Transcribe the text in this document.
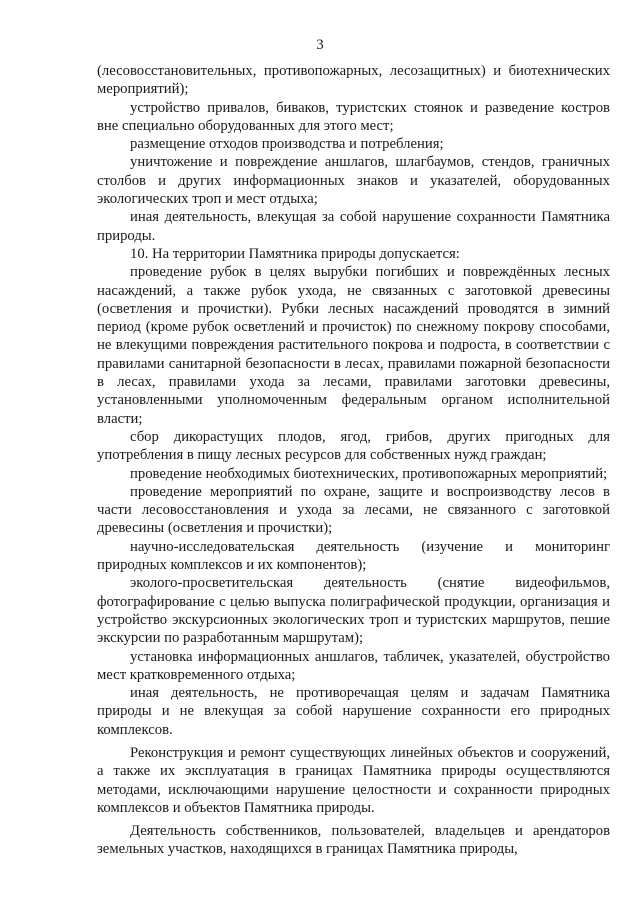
3

(лесовосстановительных, противопожарных, лесозащитных) и биотехнических мероприятий);

устройство привалов, биваков, туристских стоянок и разведение костров вне специально оборудованных для этого мест;

размещение отходов производства и потребления;

уничтожение и повреждение аншлагов, шлагбаумов, стендов, граничных столбов и других информационных знаков и указателей, оборудованных экологических троп и мест отдыха;

иная деятельность, влекущая за собой нарушение сохранности Памятника природы.

10. На территории Памятника природы допускается:

проведение рубок в целях вырубки погибших и повреждённых лесных насаждений, а также рубок ухода, не связанных с заготовкой древесины (осветления и прочистки). Рубки лесных насаждений проводятся в зимний период (кроме рубок осветлений и прочисток) по снежному покрову способами, не влекущими повреждения растительного покрова и подроста, в соответствии с правилами санитарной безопасности в лесах, правилами пожарной безопасности в лесах, правилами ухода за лесами, правилами заготовки древесины, установленными уполномоченным федеральным органом исполнительной власти;

сбор дикорастущих плодов, ягод, грибов, других пригодных для употребления в пищу лесных ресурсов для собственных нужд граждан;

проведение необходимых биотехнических, противопожарных мероприятий;

проведение мероприятий по охране, защите и воспроизводству лесов в части лесовосстановления и ухода за лесами, не связанного с заготовкой древесины (осветления и прочистки);

научно-исследовательская деятельность (изучение и мониторинг природных комплексов и их компонентов);

эколого-просветительская деятельность (снятие видеофильмов, фотографирование с целью выпуска полиграфической продукции, организация и устройство экскурсионных экологических троп и туристских маршрутов, пешие экскурсии по разработанным маршрутам);

установка информационных аншлагов, табличек, указателей, обустройство мест кратковременного отдыха;

иная деятельность, не противоречащая целям и задачам Памятника природы и не влекущая за собой нарушение сохранности его природных комплексов.

Реконструкция и ремонт существующих линейных объектов и сооружений, а также их эксплуатация в границах Памятника природы осуществляются методами, исключающими нарушение целостности и сохранности природных комплексов и объектов Памятника природы.

Деятельность собственников, пользователей, владельцев и арендаторов земельных участков, находящихся в границах Памятника природы,
